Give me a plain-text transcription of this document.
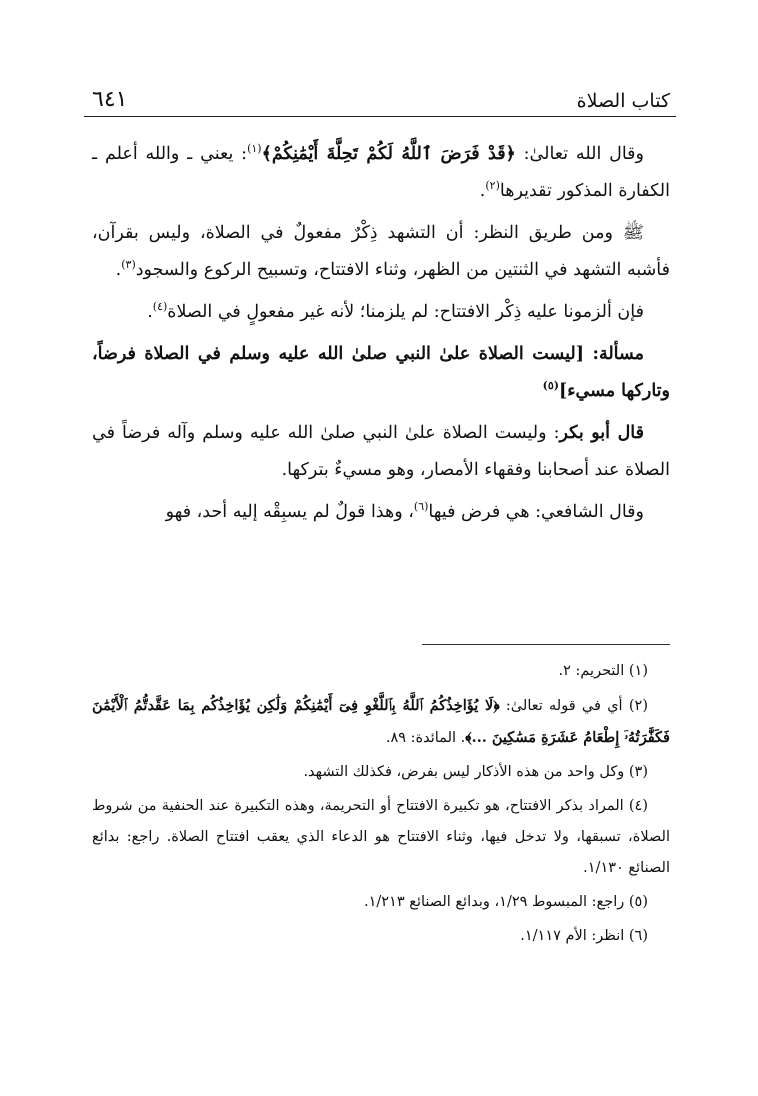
كتاب الصلاة
٦٤١

وقال الله تعالىٰ: ﴿قَدْ فَرَضَ ٱللَّهُ لَكُمْ تَحِلَّةَ أَيْمَٰنِكُمْ﴾$^{(١)}$: يعني ـ والله أعلم ـ الكفارة المذكور تقديرها$^{(٢)}$.

ﷺ ومن طريق النظر: أن التشهد ذِكْرٌ مفعولٌ في الصلاة، وليس بقرآن، فأشبه التشهد في الثنتين من الظهر، وثناء الافتتاح، وتسبيح الركوع والسجود$^{(٣)}$.

فإن ألزمونا عليه ذِكْر الافتتاح: لم يلزمنا؛ لأنه غير مفعولٍ في الصلاة$^{(٤)}$.

مسألة: [ليست الصلاة علىٰ النبي صلىٰ الله عليه وسلم في الصلاة فرضاً، وتاركها مسيء]$^{(٥)}$

قال أبو بكر: وليست الصلاة علىٰ النبي صلىٰ الله عليه وسلم وآله فرضاً في الصلاة عند أصحابنا وفقهاء الأمصار، وهو مسيءٌ بتركها.

وقال الشافعي: هي فرض فيها$^{(٦)}$، وهذا قولٌ لم يسبِقْه إليه أحد، فهو

(١) التحريم: ٢.

(٢) أي في قوله تعالىٰ: ﴿لَا يُؤَاخِذُكُمُ ٱللَّهُ بِٱللَّغْوِ فِىٓ أَيْمَٰنِكُمْ وَلَٰكِن يُؤَاخِذُكُم بِمَا عَقَّدتُّمُ ٱلْأَيْمَٰنَ فَكَفَّٰرَتُهُۥٓ إِطْعَامُ عَشَرَةِ مَسَٰكِينَ ...﴾. المائدة: ٨٩.

(٣) وكل واحد من هذه الأذكار ليس بفرض، فكذلك التشهد.

(٤) المراد بذكر الافتتاح، هو تكبيرة الافتتاح أو التحريمة، وهذه التكبيرة عند الحنفية من شروط الصلاة، تسبقها، ولا تدخل فيها، وثناء الافتتاح هو الدعاء الذي يعقب افتتاح الصلاة. راجع: بدائع الصنائع ١/١٣٠.

(٥) راجع: المبسوط ١/٢٩، وبدائع الصنائع ١/٢١٣.

(٦) انظر: الأم ١/١١٧.
